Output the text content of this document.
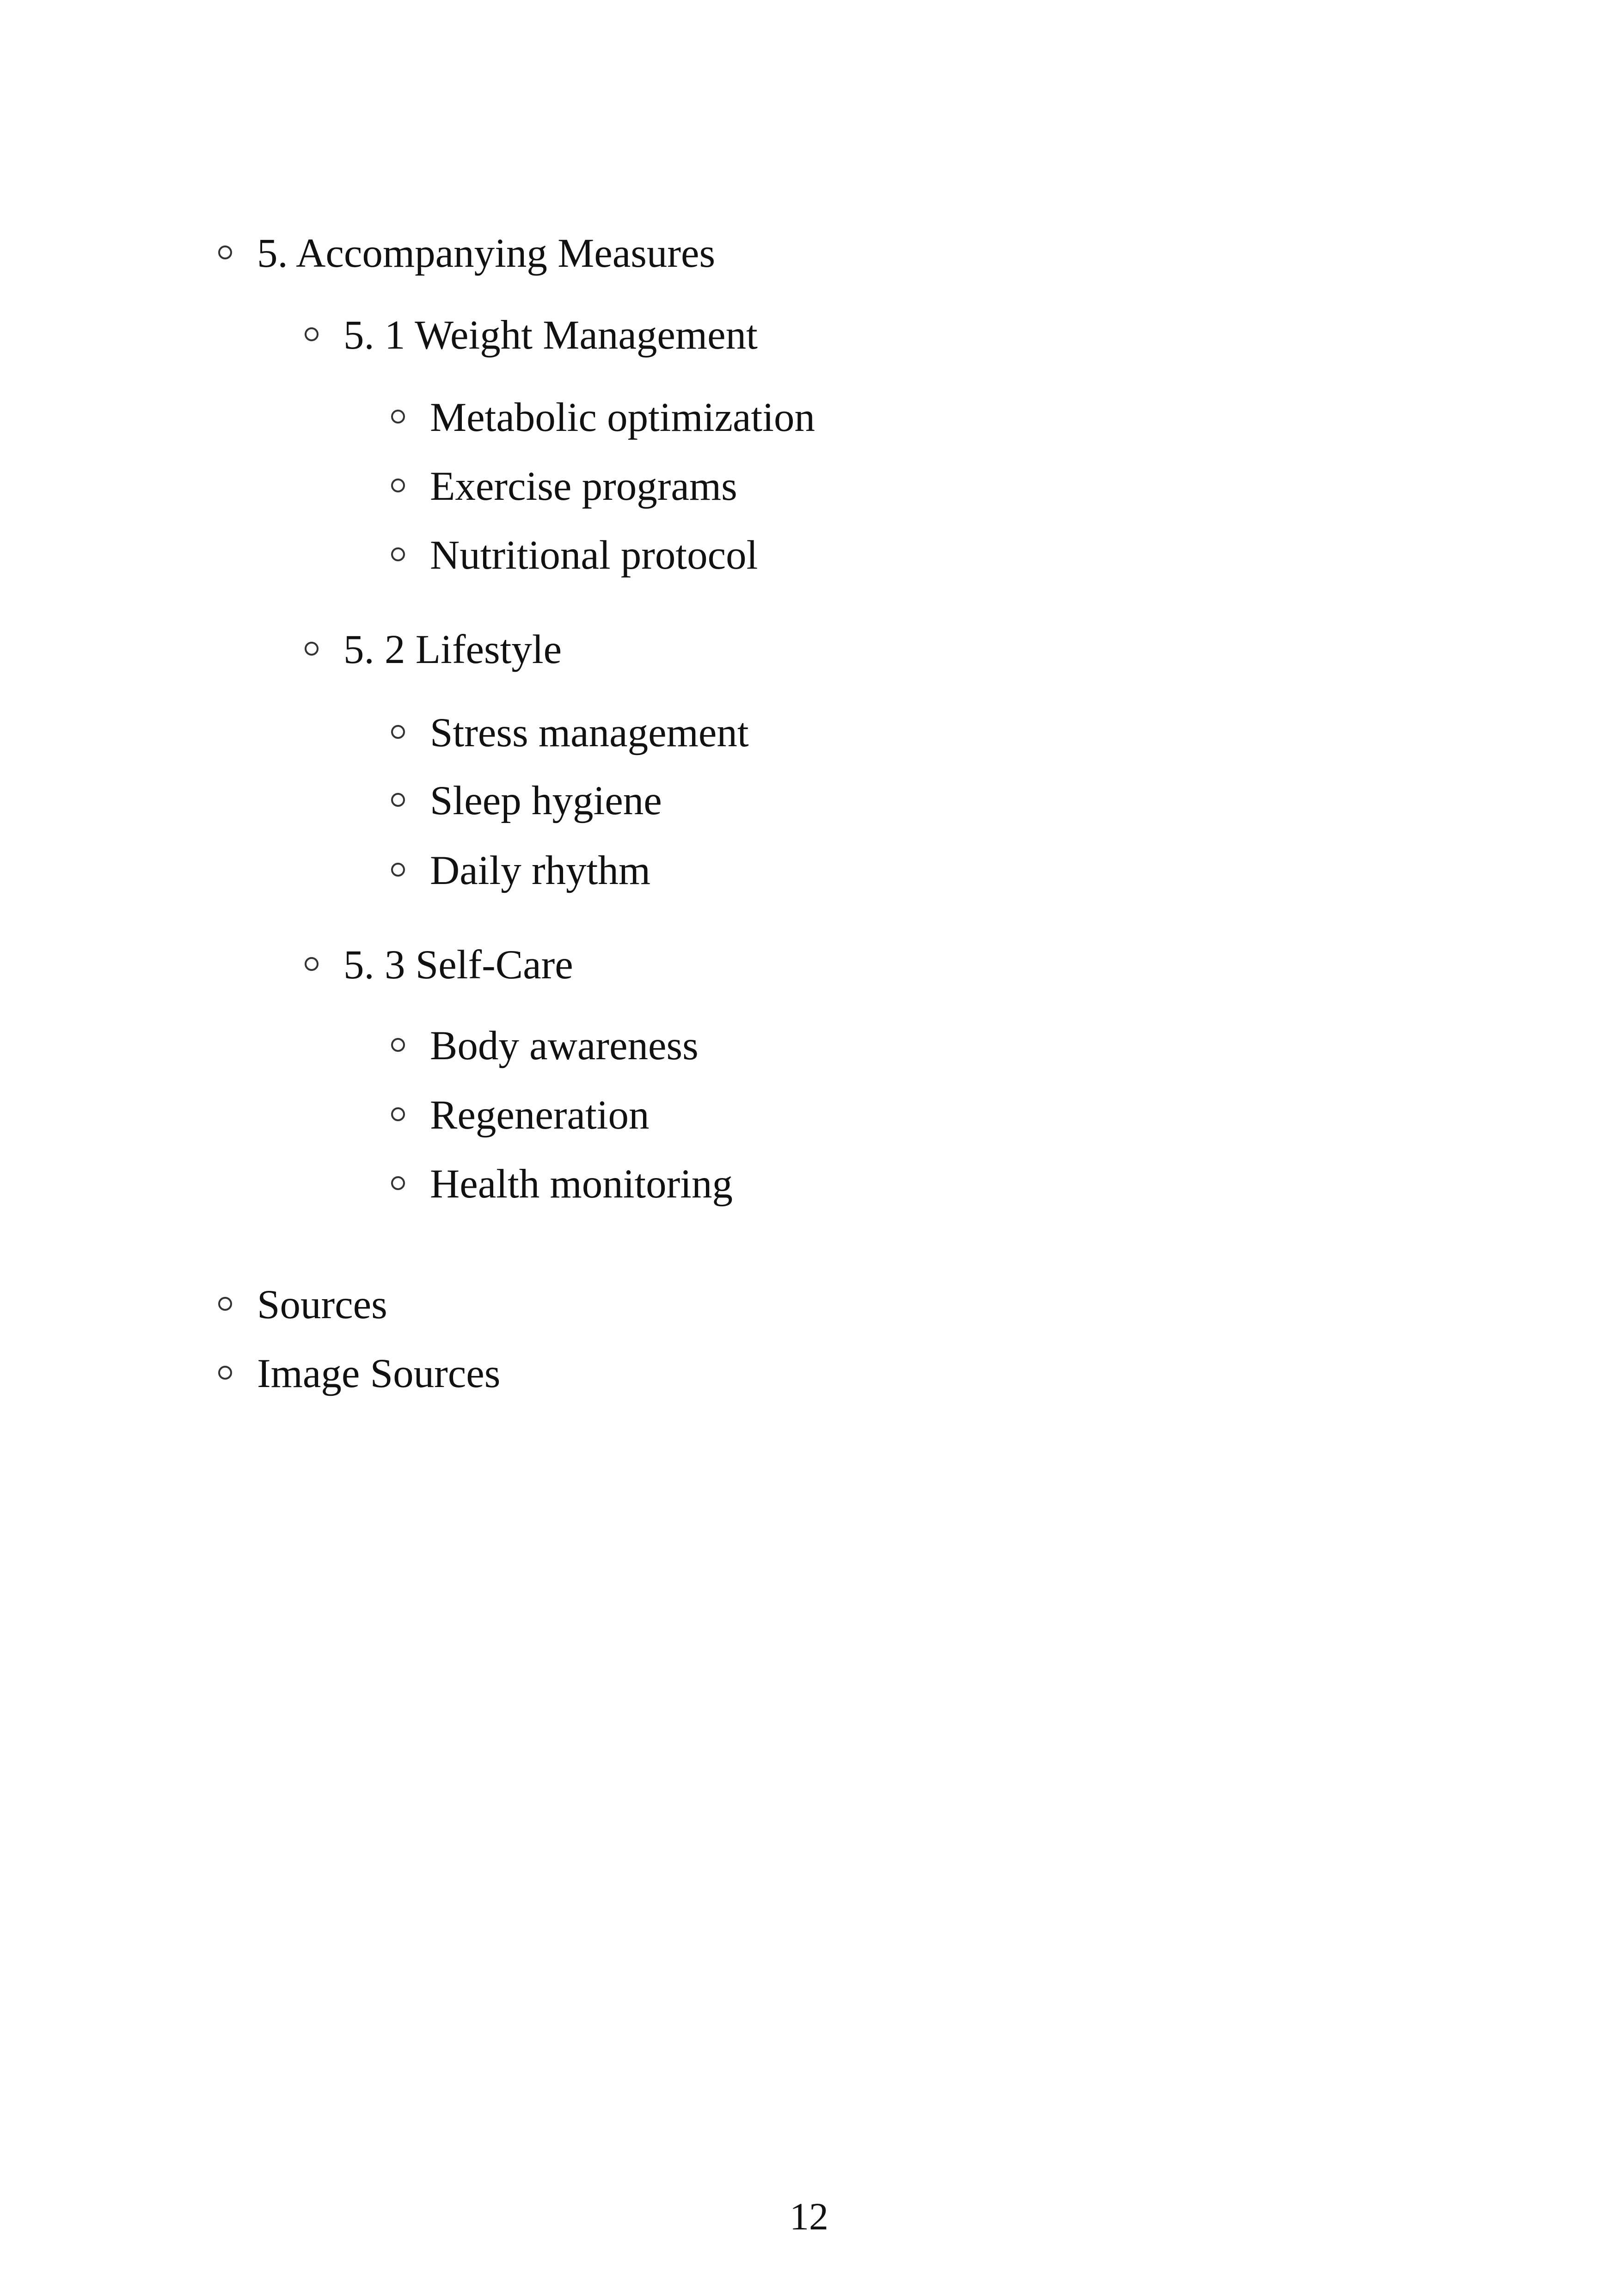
5. Accompanying Measures
5. 1 Weight Management
Metabolic optimization
Exercise programs
Nutritional protocol
5. 2 Lifestyle
Stress management
Sleep hygiene
Daily rhythm
5. 3 Self-Care
Body awareness
Regeneration
Health monitoring
Sources
Image Sources
12
